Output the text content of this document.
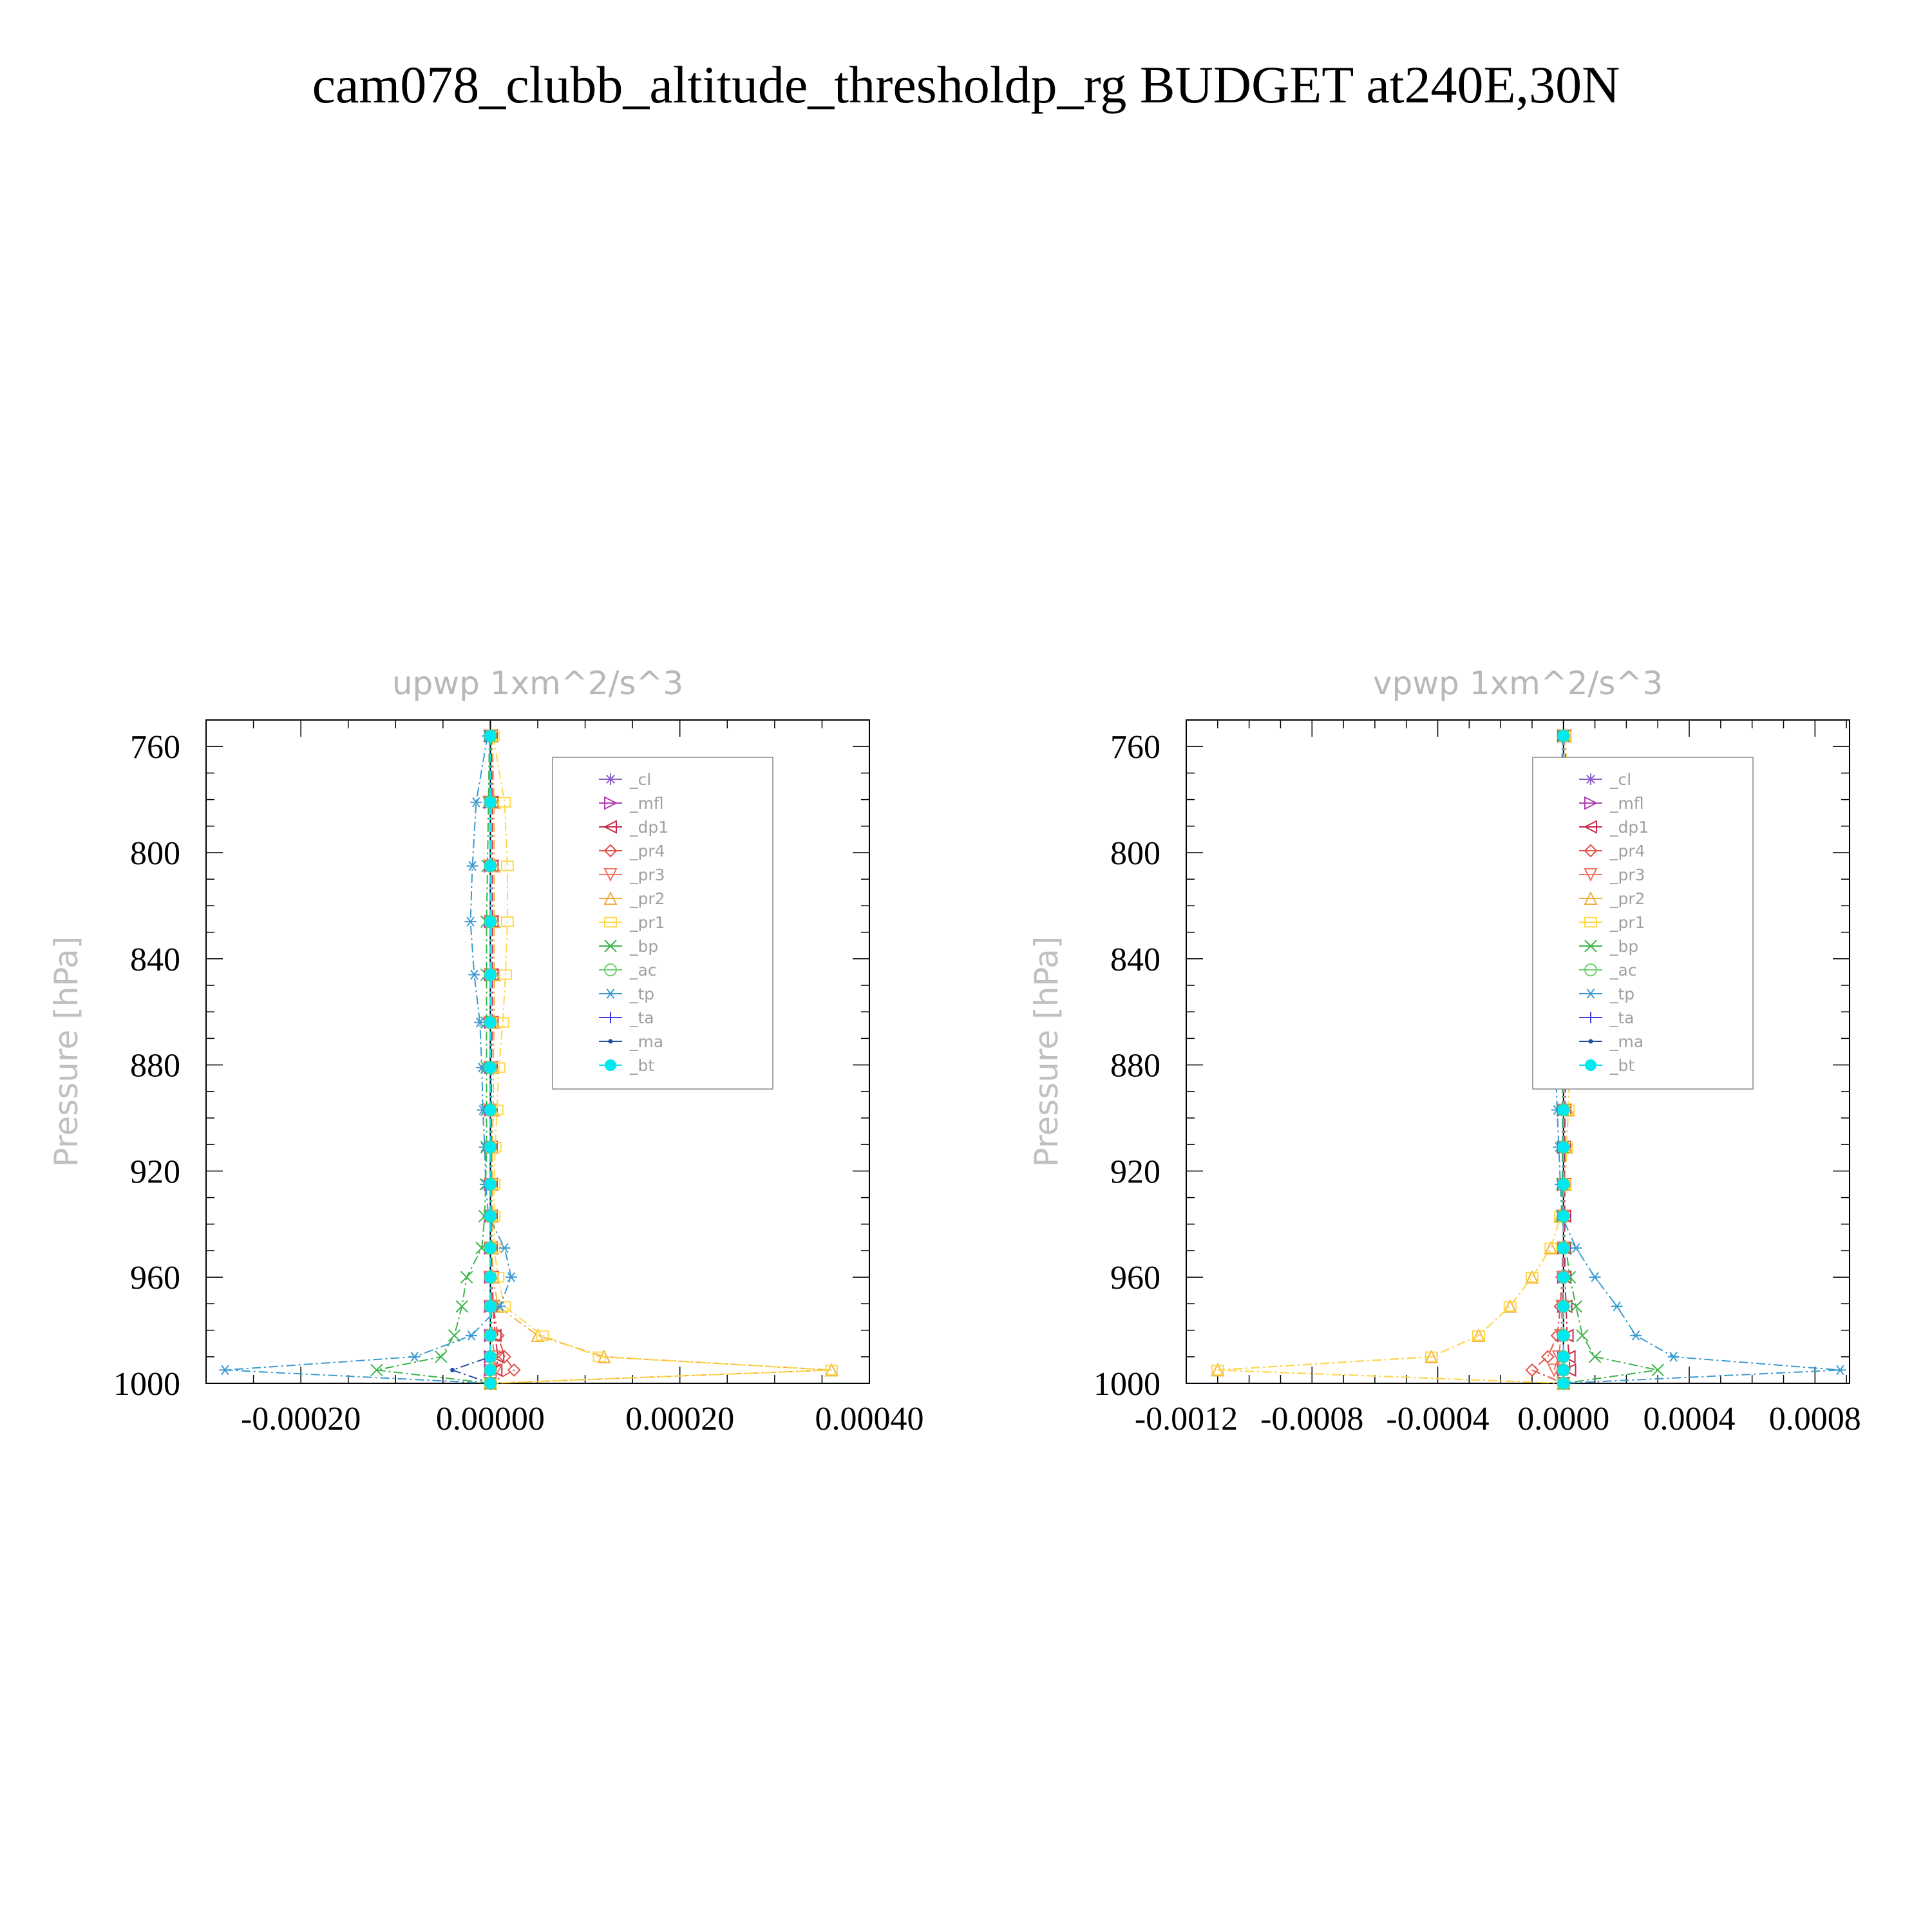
cam078_clubb_altitude_thresholdp_rg BUDGET at240E,30N
760
800
840
880
920
960
1000
-0.00020 0.00000 0.00020 0.00040
upwp 1xm^2/s^3
Pressure [hPa]
_cl
_mfl
_dp1
_pr4
_pr3
_pr2
_pr1
_bp
_ac
_tp
_ta
_ma
_bt
760
800
840
880
920
960
1000
-0.0012 -0.0008 -0.0004 0.0000 0.0004 0.0008
vpwp 1xm^2/s^3
Pressure [hPa]
_cl
_mfl
_dp1
_pr4
_pr3
_pr2
_pr1
_bp
_ac
_tp
_ta
_ma
_bt
